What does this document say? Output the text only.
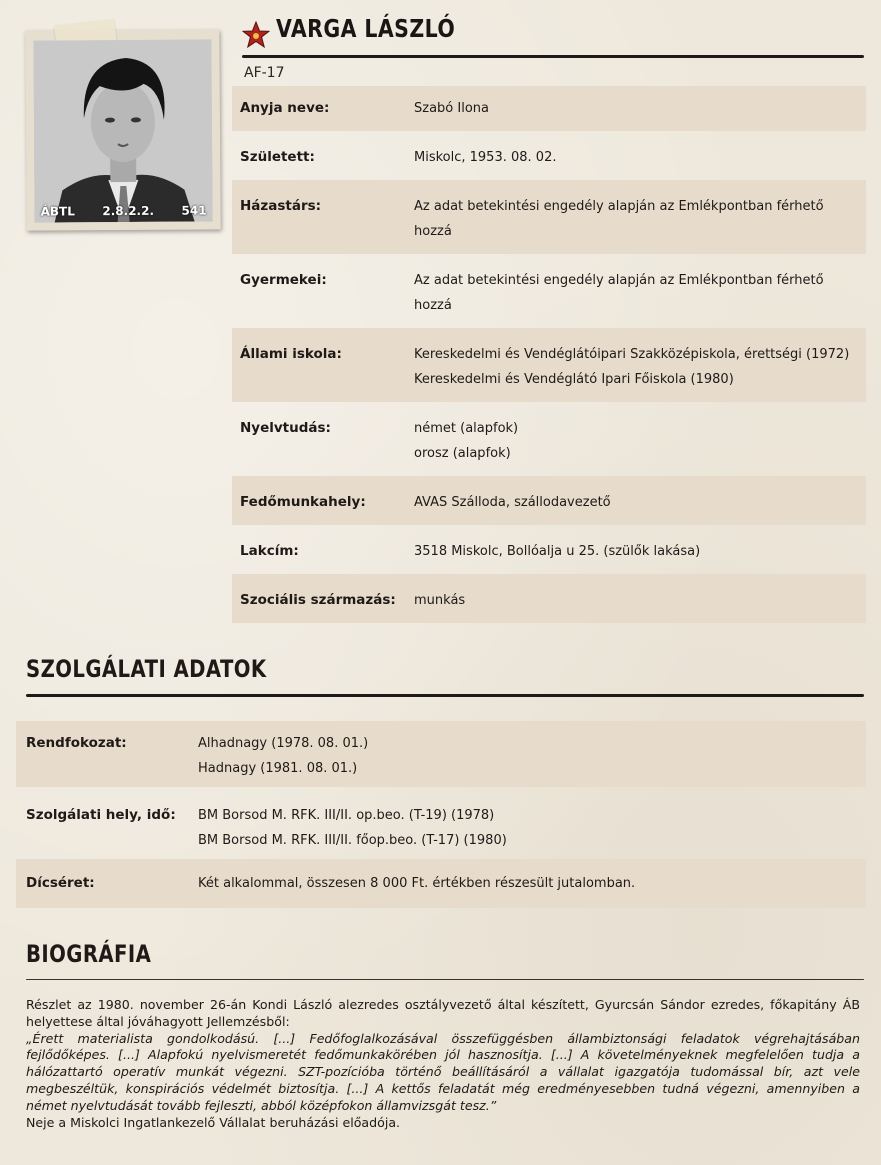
ÁBTL 2.8.2.2. 541
VARGA LÁSZLÓ
AF-17
Anyja neve:	Szabó Ilona
Született:	Miskolc, 1953. 08. 02.
Házastárs:	Az adat betekintési engedély alapján az Emlékpontban férhető hozzá
Gyermekei:	Az adat betekintési engedély alapján az Emlékpontban férhető hozzá
Állami iskola:	Kereskedelmi és Vendéglátóipari Szakközépiskola, érettségi (1972)
Kereskedelmi és Vendéglátó Ipari Főiskola (1980)
Nyelvtudás:	német (alapfok)
orosz (alapfok)
Fedőmunkahely:	AVAS Szálloda, szállodavezető
Lakcím:	3518 Miskolc, Bollóalja u 25. (szülők lakása)
Szociális származás:	munkás
SZOLGÁLATI ADATOK
Rendfokozat:	Alhadnagy (1978. 08. 01.)
Hadnagy (1981. 08. 01.)
Szolgálati hely, idő:	BM Borsod M. RFK. III/II. op.beo. (T-19) (1978)
BM Borsod M. RFK. III/II. főop.beo. (T-17) (1980)
Dícséret:	Két alkalommal, összesen 8 000 Ft. értékben részesült jutalomban.
BIOGRÁFIA
Részlet az 1980. november 26-án Kondi László alezredes osztályvezető által készített, Gyurcsán Sándor ezredes, főkapitány ÁB helyettese által jóváhagyott Jellemzésből:
„Érett materialista gondolkodású. [...] Fedőfoglalkozásával összefüggésben állambiztonsági feladatok végrehajtásában fejlődőképes. [...] Alapfokú nyelvismeretét fedőmunkakörében jól hasznosítja. [...] A követelményeknek megfelelően tudja a hálózattartó operatív munkát végezni. SZT-pozícióba történő beállításáról a vállalat igazgatója tudomással bír, azt vele megbeszéltük, konspirációs védelmét biztosítja. [...] A kettős feladatát még eredményesebben tudná végezni, amennyiben a német nyelvtudását tovább fejleszti, abból középfokon államvizsgát tesz.”
Neje a Miskolci Ingatlankezelő Vállalat beruházási előadója.
